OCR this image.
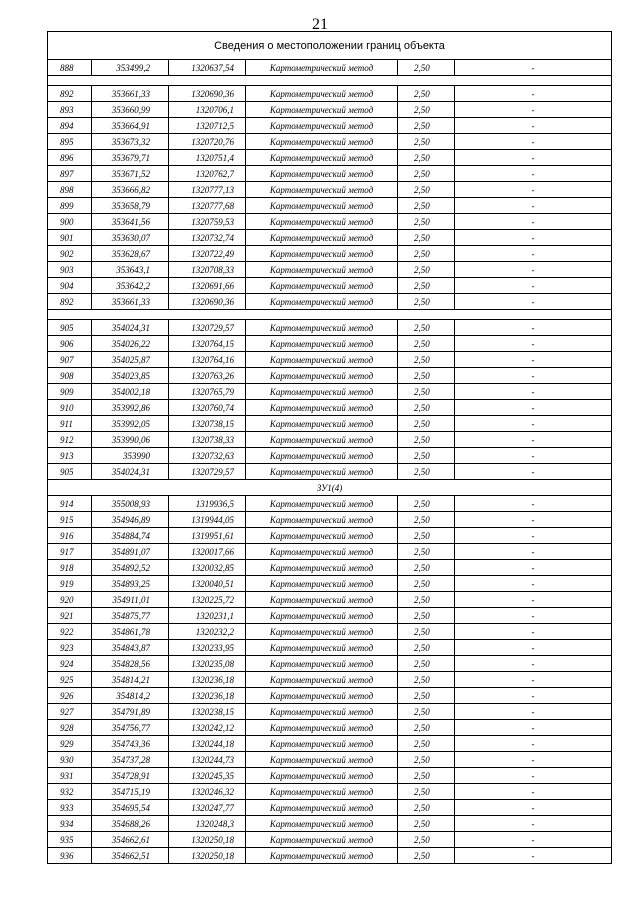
21
Сведения о местоположении границ объекта					
888	353499,2	1320637,54	Картометрический метод	2,50	-

892	353661,33	1320690,36	Картометрический метод	2,50	-
893	353660,99	1320706,1	Картометрический метод	2,50	-
894	353664,91	1320712,5	Картометрический метод	2,50	-
895	353673,32	1320720,76	Картометрический метод	2,50	-
896	353679,71	1320751,4	Картометрический метод	2,50	-
897	353671,52	1320762,7	Картометрический метод	2,50	-
898	353666,82	1320777,13	Картометрический метод	2,50	-
899	353658,79	1320777,68	Картометрический метод	2,50	-
900	353641,56	1320759,53	Картометрический метод	2,50	-
901	353630,07	1320732,74	Картометрический метод	2,50	-
902	353628,67	1320722,49	Картометрический метод	2,50	-
903	353643,1	1320708,33	Картометрический метод	2,50	-
904	353642,2	1320691,66	Картометрический метод	2,50	-
892	353661,33	1320690,36	Картометрический метод	2,50	-

905	354024,31	1320729,57	Картометрический метод	2,50	-
906	354026,22	1320764,15	Картометрический метод	2,50	-
907	354025,87	1320764,16	Картометрический метод	2,50	-
908	354023,85	1320763,26	Картометрический метод	2,50	-
909	354002,18	1320765,79	Картометрический метод	2,50	-
910	353992,86	1320760,74	Картометрический метод	2,50	-
911	353992,05	1320738,15	Картометрический метод	2,50	-
912	353990,06	1320738,33	Картометрический метод	2,50	-
913	353990	1320732,63	Картометрический метод	2,50	-
905	354024,31	1320729,57	Картометрический метод	2,50	-
ЗУ1(4)					
914	355008,93	1319936,5	Картометрический метод	2,50	-
915	354946,89	1319944,05	Картометрический метод	2,50	-
916	354884,74	1319951,61	Картометрический метод	2,50	-
917	354891,07	1320017,66	Картометрический метод	2,50	-
918	354892,52	1320032,85	Картометрический метод	2,50	-
919	354893,25	1320040,51	Картометрический метод	2,50	-
920	354911,01	1320225,72	Картометрический метод	2,50	-
921	354875,77	1320231,1	Картометрический метод	2,50	-
922	354861,78	1320232,2	Картометрический метод	2,50	-
923	354843,87	1320233,95	Картометрический метод	2,50	-
924	354828,56	1320235,08	Картометрический метод	2,50	-
925	354814,21	1320236,18	Картометрический метод	2,50	-
926	354814,2	1320236,18	Картометрический метод	2,50	-
927	354791,89	1320238,15	Картометрический метод	2,50	-
928	354756,77	1320242,12	Картометрический метод	2,50	-
929	354743,36	1320244,18	Картометрический метод	2,50	-
930	354737,28	1320244,73	Картометрический метод	2,50	-
931	354728,91	1320245,35	Картометрический метод	2,50	-
932	354715,19	1320246,32	Картометрический метод	2,50	-
933	354695,54	1320247,77	Картометрический метод	2,50	-
934	354688,26	1320248,3	Картометрический метод	2,50	-
935	354662,61	1320250,18	Картометрический метод	2,50	-
936	354662,51	1320250,18	Картометрический метод	2,50	-
